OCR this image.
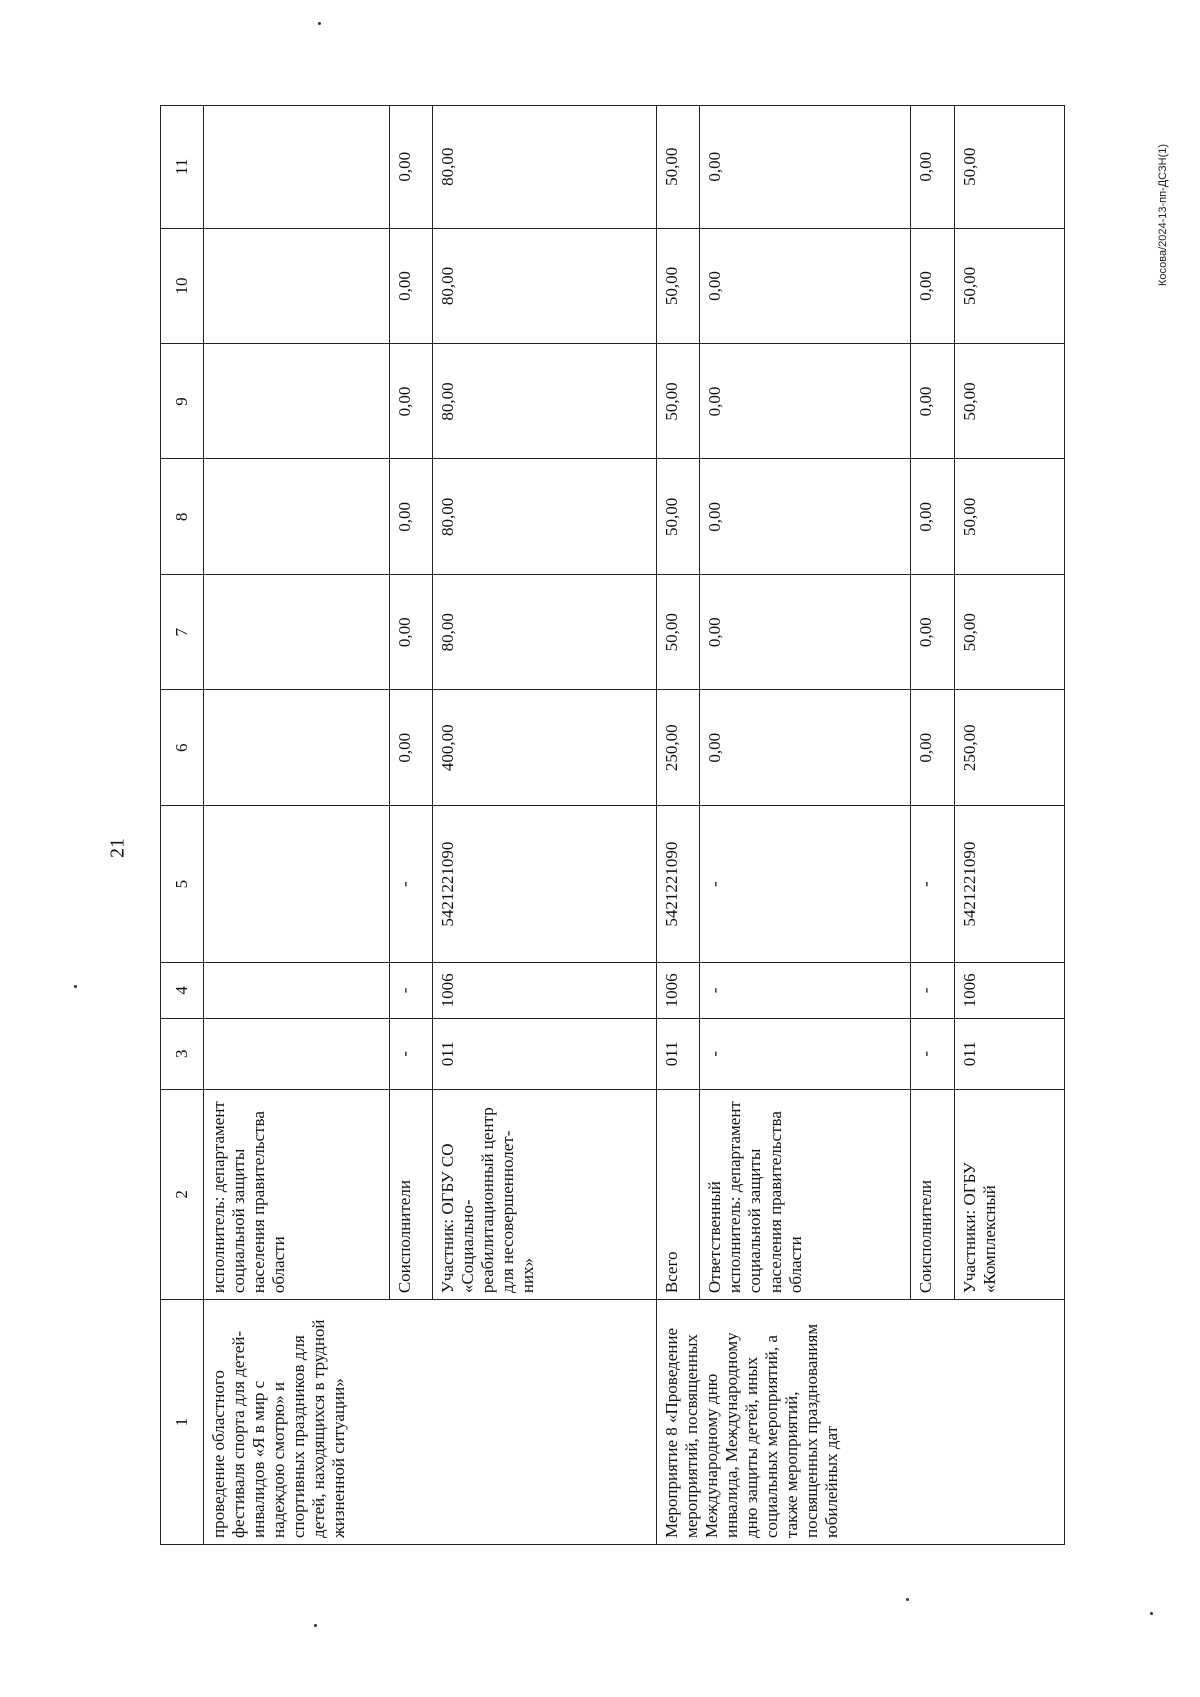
21
Косова/2024-13-пп-ДСЗН(1)
1	2	3	4	5	6	7	8	9	10	11
проведение областного фестиваля спорта для детей-инвалидов «Я в мир с надеждою смотрю» и спортивных праздников для детей, находящихся в трудной жизненной ситуации»	исполнитель: департамент социальной защиты населения правительства области									
	Соисполнители	-	-	-	0,00	0,00	0,00	0,00	0,00	0,00
	Участник: ОГБУ СО «Социально-реабилитационный центр для несовершеннолет-них»	011	1006	5421221090	400,00	80,00	80,00	80,00	80,00	80,00
Мероприятие 8 «Проведение мероприятий, посвященных Международному дню инвалида, Международному дню защиты детей, иных социальных мероприятий, а также мероприятий, посвященных празднованиям юбилейных дат	Всего	011	1006	5421221090	250,00	50,00	50,00	50,00	50,00	50,00
	Ответственный исполнитель: департамент социальной защиты населения правительства области	-	-	-	0,00	0,00	0,00	0,00	0,00	0,00
	Соисполнители	-	-	-	0,00	0,00	0,00	0,00	0,00	0,00
	Участники: ОГБУ «Комплексный	011	1006	5421221090	250,00	50,00	50,00	50,00	50,00	50,00
